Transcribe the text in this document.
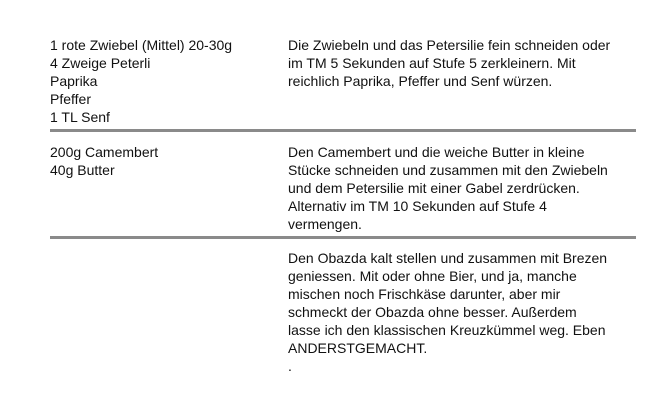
1 rote Zwiebel (Mittel) 20-30g
4 Zweige Peterli
Paprika
Pfeffer
1 TL Senf
Die Zwiebeln und das Petersilie fein schneiden oder
im TM 5 Sekunden auf Stufe 5 zerkleinern. Mit
reichlich Paprika, Pfeffer und Senf würzen.
200g Camembert
40g Butter
Den Camembert und die weiche Butter in kleine
Stücke schneiden und zusammen mit den Zwiebeln
und dem Petersilie mit einer Gabel zerdrücken.
Alternativ im TM 10 Sekunden auf Stufe 4
vermengen.
Den Obazda kalt stellen und zusammen mit Brezen
geniessen. Mit oder ohne Bier, und ja, manche
mischen noch Frischkäse darunter, aber mir
schmeckt der Obazda ohne besser. Außerdem
lasse ich den klassischen Kreuzkümmel weg. Eben
ANDERSTGEMACHT.
.
